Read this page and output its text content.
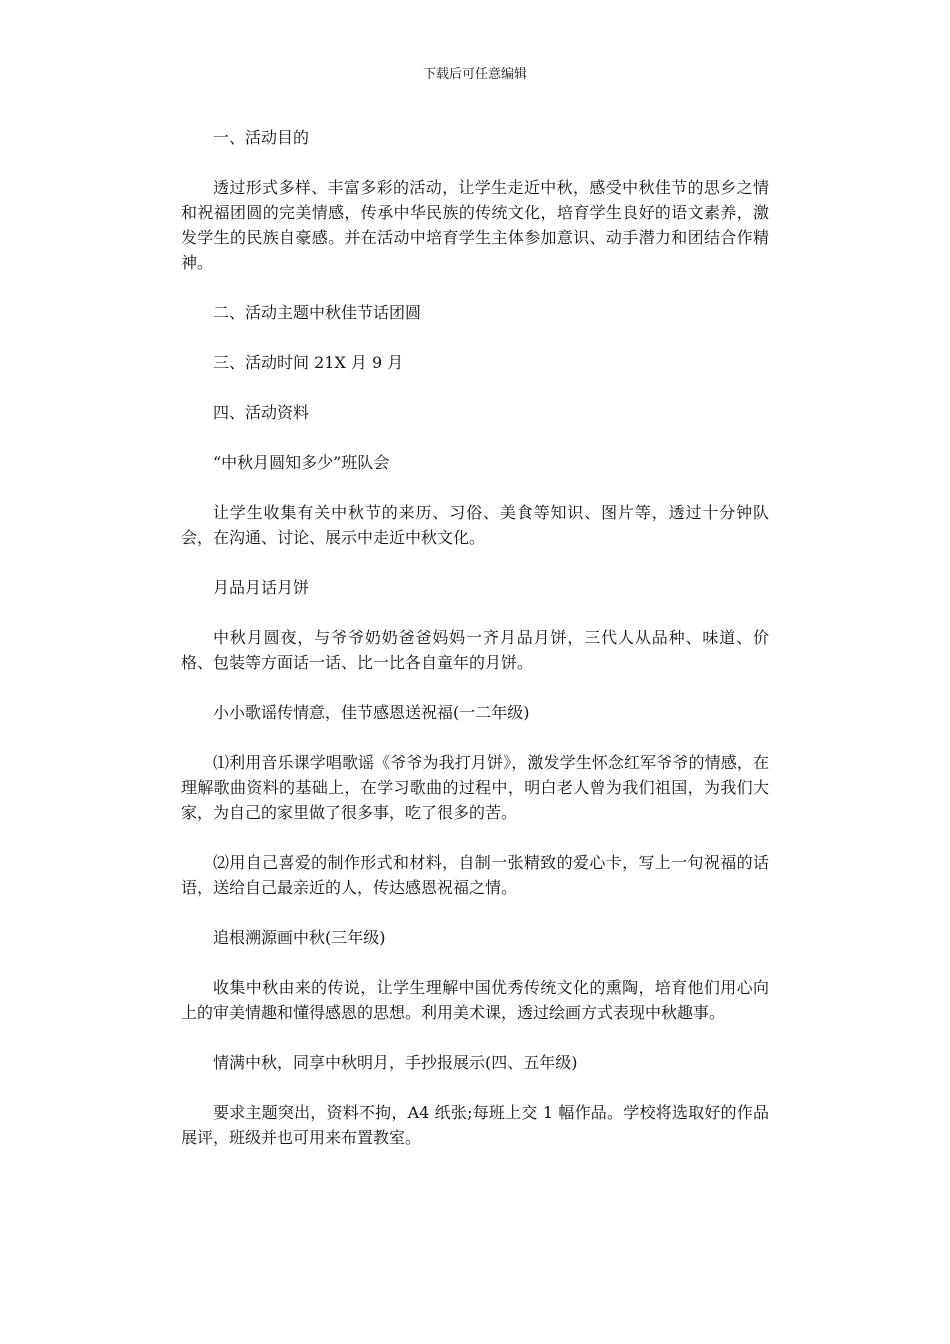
下载后可任意编辑

一、活动目的

透过形式多样、丰富多彩的活动，让学生走近中秋，感受中秋佳节的思乡之情和祝福团圆的完美情感，传承中华民族的传统文化，培育学生良好的语文素养，激发学生的民族自豪感。并在活动中培育学生主体参加意识、动手潜力和团结合作精神。

二、活动主题中秋佳节话团圆

三、活动时间 21X 月 9 月

四、活动资料

“中秋月圆知多少”班队会

让学生收集有关中秋节的来历、习俗、美食等知识、图片等，透过十分钟队会，在沟通、讨论、展示中走近中秋文化。

月品月话月饼

中秋月圆夜，与爷爷奶奶爸爸妈妈一齐月品月饼，三代人从品种、味道、价格、包装等方面话一话、比一比各自童年的月饼。

小小歌谣传情意，佳节感恩送祝福(一二年级)

⑴利用音乐课学唱歌谣《爷爷为我打月饼》，激发学生怀念红军爷爷的情感，在理解歌曲资料的基础上，在学习歌曲的过程中，明白老人曾为我们祖国，为我们大家，为自己的家里做了很多事，吃了很多的苦。

⑵用自己喜爱的制作形式和材料，自制一张精致的爱心卡，写上一句祝福的话语，送给自己最亲近的人，传达感恩祝福之情。

追根溯源画中秋(三年级)

收集中秋由来的传说，让学生理解中国优秀传统文化的熏陶，培育他们用心向上的审美情趣和懂得感恩的思想。利用美术课，透过绘画方式表现中秋趣事。

情满中秋，同享中秋明月，手抄报展示(四、五年级)

要求主题突出，资料不拘，A4 纸张;每班上交 1 幅作品。学校将选取好的作品展评，班级并也可用来布置教室。
